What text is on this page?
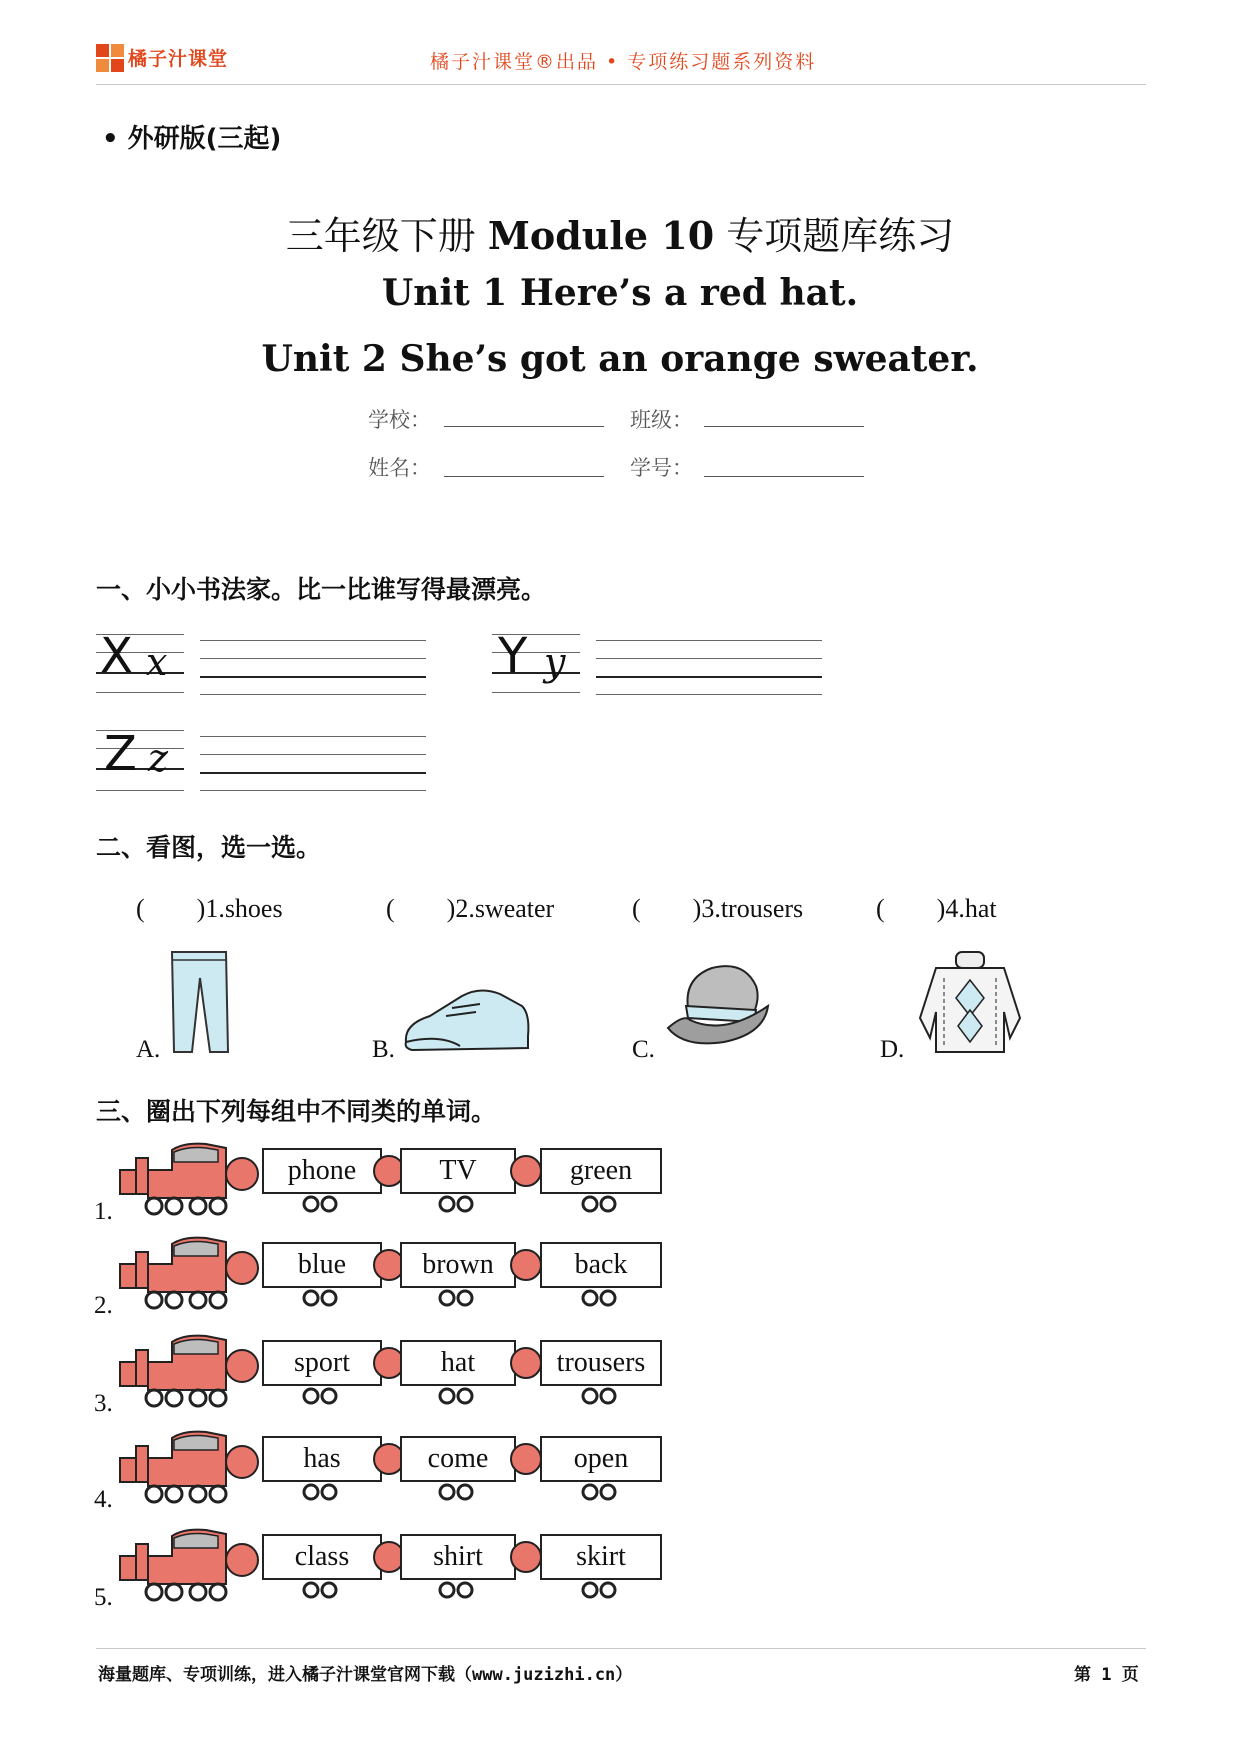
橘子汁课堂	橘子汁课堂®出品 • 专项练习题系列资料
• 外研版(三起)
三年级下册 Module 10 专项题库练习
Unit 1 Here’s a red hat.
Unit 2 She’s got an orange sweater.
学校：	班级：
姓名：	学号：
一、小小书法家。比一比谁写得最漂亮。
X x	Y y
Z z
二、看图，选一选。
(        )1.shoes	(        )2.sweater	(        )3.trousers	(        )4.hat
A.	B.	C.	D.
三、圈出下列每组中不同类的单词。
1.
phone	TV	green
2.
blue	brown	back
3.
sport	hat	trousers
4.
has	come	open
5.
class	shirt	skirt
海量题库、专项训练，进入橘子汁课堂官网下载（www.juzizhi.cn）	第 1 页
